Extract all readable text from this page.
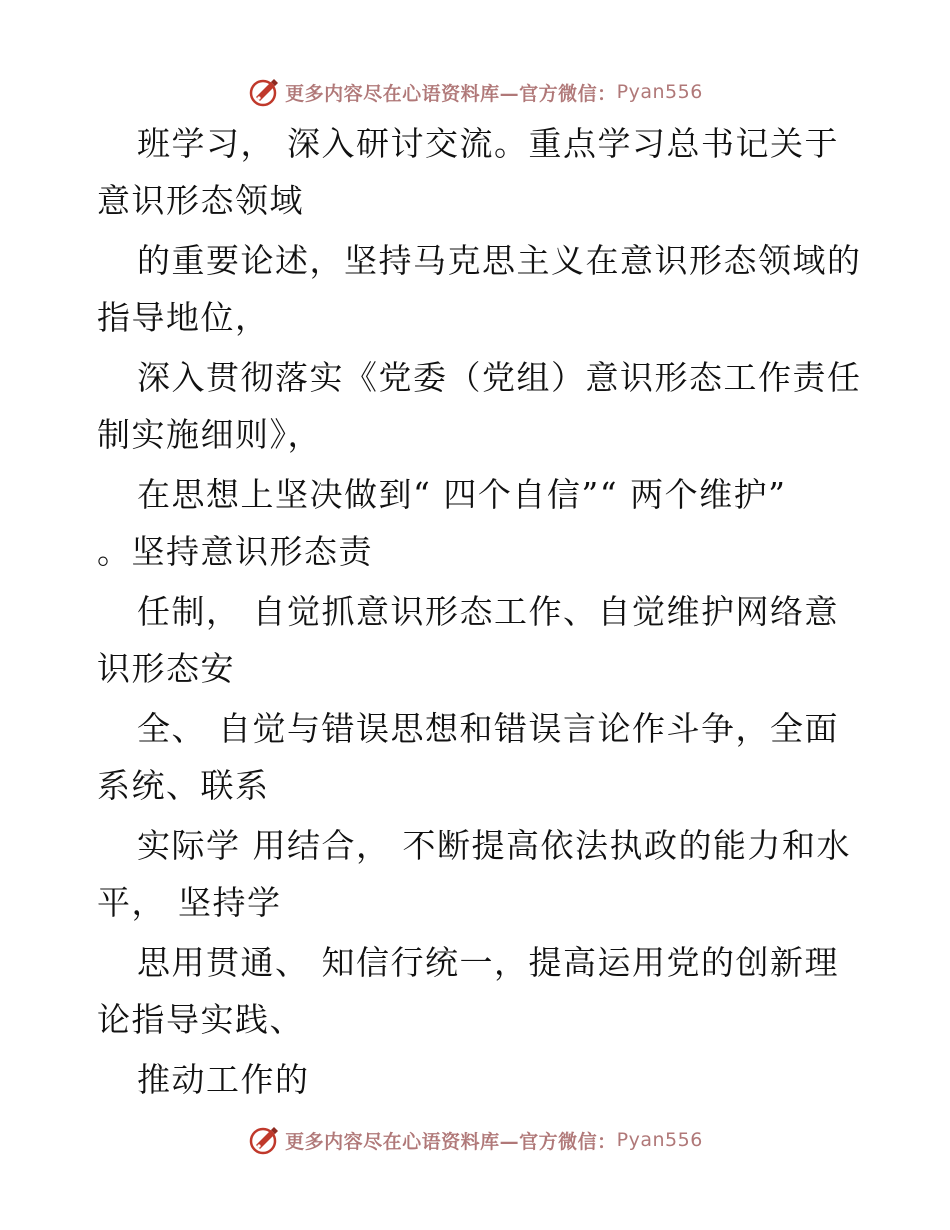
更多内容尽在心语资料库—官方微信： Pyan556
班学习， 深入研讨交流。重点学习总书记关于
意识形态领域
的重要论述，坚持马克思主义在意识形态领域的
指导地位，
深入贯彻落实《党委（党组）意识形态工作责任
制实施细则》，
在思想上坚决做到“ 四个自信”“ 两个维护”
。坚持意识形态责
任制， 自觉抓意识形态工作、自觉维护网络意
识形态安
全、 自觉与错误思想和错误言论作斗争，全面
系统、联系
实际学 用结合， 不断提高依法执政的能力和水
平， 坚持学
思用贯通、 知信行统一，提高运用党的创新理
论指导实践、
推动工作的
更多内容尽在心语资料库—官方微信： Pyan556
